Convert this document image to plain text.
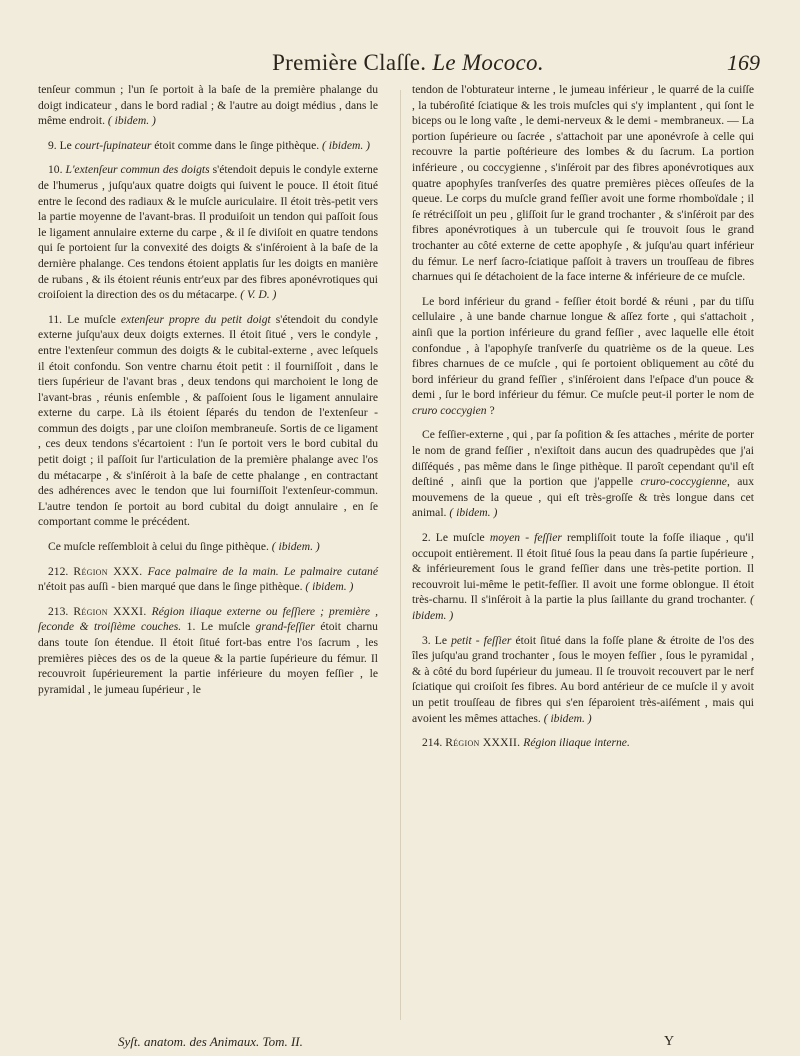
Première Claſſe. Le Mococo.	169

tenſeur commun ; l'un ſe portoit à la baſe de la première phalange du doigt indicateur , dans le bord radial ; & l'autre au doigt médius , dans le même endroit. ( ibidem. )

9. Le court-ſupinateur étoit comme dans le ſinge pithèque. ( ibidem. )

10. L'extenſeur commun des doigts s'étendoit depuis le condyle externe de l'humerus , juſqu'aux quatre doigts qui ſuivent le pouce. Il étoit ſitué entre le ſecond des radiaux & le muſcle auriculaire. Il étoit très-petit vers la partie moyenne de l'avant-bras. Il produiſoit un tendon qui paſſoit ſous le ligament annulaire externe du carpe , & il ſe diviſoit en quatre tendons qui ſe portoient ſur la convexité des doigts & s'inſéroient à la baſe de la dernière phalange. Ces tendons étoient applatis ſur les doigts en manière de rubans , & ils étoient réunis entr'eux par des fibres aponévrotiques qui croiſoient la direction des os du métacarpe. ( V. D. )

11. Le muſcle extenſeur propre du petit doigt s'étendoit du condyle externe juſqu'aux deux doigts externes. Il étoit ſitué , vers le condyle , entre l'extenſeur commun des doigts & le cubital-externe , avec leſquels il étoit confondu. Son ventre charnu étoit petit : il fourniſſoit , dans le tiers ſupérieur de l'avant bras , deux tendons qui marchoient le long de l'avant-bras , réunis enſemble , & paſſoient ſous le ligament annulaire externe du carpe. Là ils étoient ſéparés du tendon de l'extenſeur - commun des doigts , par une cloiſon membraneuſe. Sortis de ce ligament , ces deux tendons s'écartoient : l'un ſe portoit vers le bord cubital du petit doigt ; il paſſoit ſur l'articulation de la première phalange avec l'os du métacarpe , & s'inſéroit à la baſe de cette phalange , en contractant des adhérences avec le tendon que lui fourniſſoit l'extenſeur-commun. L'autre tendon ſe portoit au bord cubital du doigt annulaire , en ſe comportant comme le précédent.

Ce muſcle reſſembloit à celui du ſinge pithèque. ( ibidem. )

212. Région XXX. Face palmaire de la main. Le palmaire cutané n'étoit pas auſſi - bien marqué que dans le ſinge pithèque. ( ibidem. )

213. Région XXXI. Région iliaque externe ou feſſiere ; première , ſeconde & troiſième couches. 1. Le muſcle grand-feſſier étoit charnu dans toute ſon étendue. Il étoit ſitué fort-bas entre l'os ſacrum , les premières pièces des os de la queue & la partie ſupérieure du fémur. Il recouvroit ſupérieurement la partie inférieure du moyen feſſier , le pyramidal , le jumeau ſupérieur , le

tendon de l'obturateur interne , le jumeau inférieur , le quarré de la cuiſſe , la tubéroſité ſciatique & les trois muſcles qui s'y implantent , qui ſont le biceps ou le long vaſte , le demi-nerveux & le demi - membraneux. — La portion ſupérieure ou ſacrée , s'attachoit par une aponévroſe à celle qui recouvre la partie poſtérieure des lombes & du ſacrum. La portion inférieure , ou coccygienne , s'inſéroit par des fibres aponévrotiques aux quatre apophyſes tranſverſes des quatre premières pièces oſſeuſes de la queue. Le corps du muſcle grand feſſier avoit une forme rhomboïdale ; il ſe rétréciſſoit un peu , gliſſoit ſur le grand trochanter , & s'inſéroit par des fibres aponévrotiques à un tubercule qui ſe trouvoit ſous le grand trochanter au côté externe de cette apophyſe , & juſqu'au quart inférieur du fémur. Le nerf ſacro-ſciatique paſſoit à travers un trouſſeau de fibres charnues qui ſe détachoient de la face interne & inférieure de ce muſcle.

Le bord inférieur du grand - feſſier étoit bordé & réuni , par du tiſſu cellulaire , à une bande charnue longue & aſſez forte , qui s'attachoit , ainſi que la portion inférieure du grand feſſier , avec laquelle elle étoit confondue , à l'apophyſe tranſverſe du quatrième os de la queue. Les fibres charnues de ce muſcle , qui ſe portoient obliquement au côté du bord inférieur du grand feſſier , s'inſéroient dans l'eſpace d'un pouce & demi , ſur le bord inférieur du fémur. Ce muſcle peut-il porter le nom de cruro coccygien ?

Ce feſſier-externe , qui , par ſa poſition & ſes attaches , mérite de porter le nom de grand feſſier , n'exiſtoit dans aucun des quadrupèdes que j'ai diſſéqués , pas même dans le ſinge pithèque. Il paroît cependant qu'il eſt deſtiné , ainſi que la portion que j'appelle cruro-coccygienne, aux mouvemens de la queue , qui eſt très-groſſe & très longue dans cet animal. ( ibidem. )

2. Le muſcle moyen - feſſier rempliſſoit toute la foſſe iliaque , qu'il occupoit entièrement. Il étoit ſitué ſous la peau dans ſa partie ſupérieure , & inférieurement ſous le grand feſſier dans une très-petite portion. Il recouvroit lui-même le petit-feſſier. Il avoit une forme oblongue. Il étoit très-charnu. Il s'inſéroit à la partie la plus ſaillante du grand trochanter. ( ibidem. )

3. Le petit - feſſier étoit ſitué dans la foſſe plane & étroite de l'os des îles juſqu'au grand trochanter , ſous le moyen feſſier , ſous le pyramidal , & à côté du bord ſupérieur du jumeau. Il ſe trouvoit recouvert par le nerf ſciatique qui croiſoit ſes fibres. Au bord antérieur de ce muſcle il y avoit un petit trouſſeau de fibres qui s'en ſéparoient très-aiſément , mais qui avoient les mêmes attaches. ( ibidem. )

214. Région XXXII. Région iliaque interne.

Syſt. anatom. des Animaux. Tom. II.	Y
